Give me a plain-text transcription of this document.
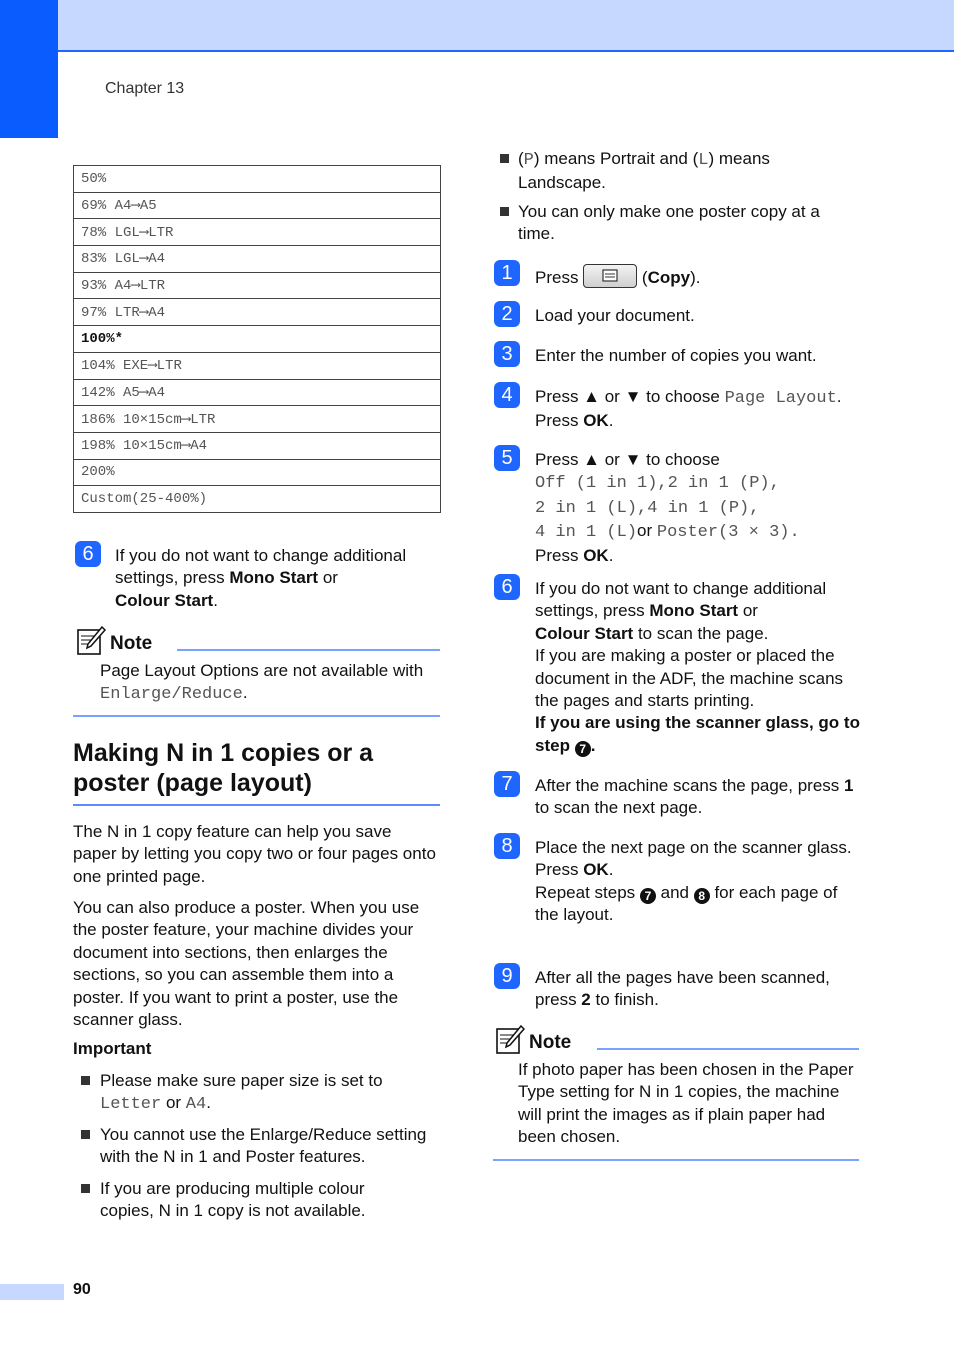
Chapter 13
90
50%
69% A4⟶A5
78% LGL⟶LTR
83% LGL⟶A4
93% A4⟶LTR
97% LTR⟶A4
100%*
104% EXE⟶LTR
142% A5⟶A4
186% 10×15cm⟶LTR
198% 10×15cm⟶A4
200%
Custom(25-400%)
6	If you do not want to change additional settings, press Mono Start or
Colour Start.
Note
Page Layout Options are not available with Enlarge/Reduce.
Making N in 1 copies or a poster (page layout)
The N in 1 copy feature can help you save paper by letting you copy two or four pages onto one printed page.
You can also produce a poster. When you use the poster feature, your machine divides your document into sections, then enlarges the sections, so you can assemble them into a poster. If you want to print a poster, use the scanner glass.
Important
Please make sure paper size is set to
Letter or A4.
You cannot use the Enlarge/Reduce setting with the N in 1 and Poster features.
If you are producing multiple colour copies, N in 1 copy is not available.
(P) means Portrait and (L) means Landscape.
You can only make one poster copy at a time.
1	Press	(Copy).
2	Load your document.
3	Enter the number of copies you want.
4	Press ▲ or ▼ to choose Page Layout.
Press OK.
5	Press ▲ or ▼ to choose
Off (1 in 1),2 in 1 (P),
2 in 1 (L),4 in 1 (P),
4 in 1 (L)or Poster(3 × 3).
Press OK.
6	If you do not want to change additional settings, press Mono Start or
Colour Start to scan the page.
If you are making a poster or placed the document in the ADF, the machine scans the pages and starts printing.
If you are using the scanner glass, go to step 7 .
7	After the machine scans the page, press 1 to scan the next page.
8	Place the next page on the scanner glass.
Press OK.
Repeat steps 7 and 8 for each page of the layout.
9	After all the pages have been scanned, press 2 to finish.
Note
If photo paper has been chosen in the Paper Type setting for N in 1 copies, the machine will print the images as if plain paper had been chosen.
